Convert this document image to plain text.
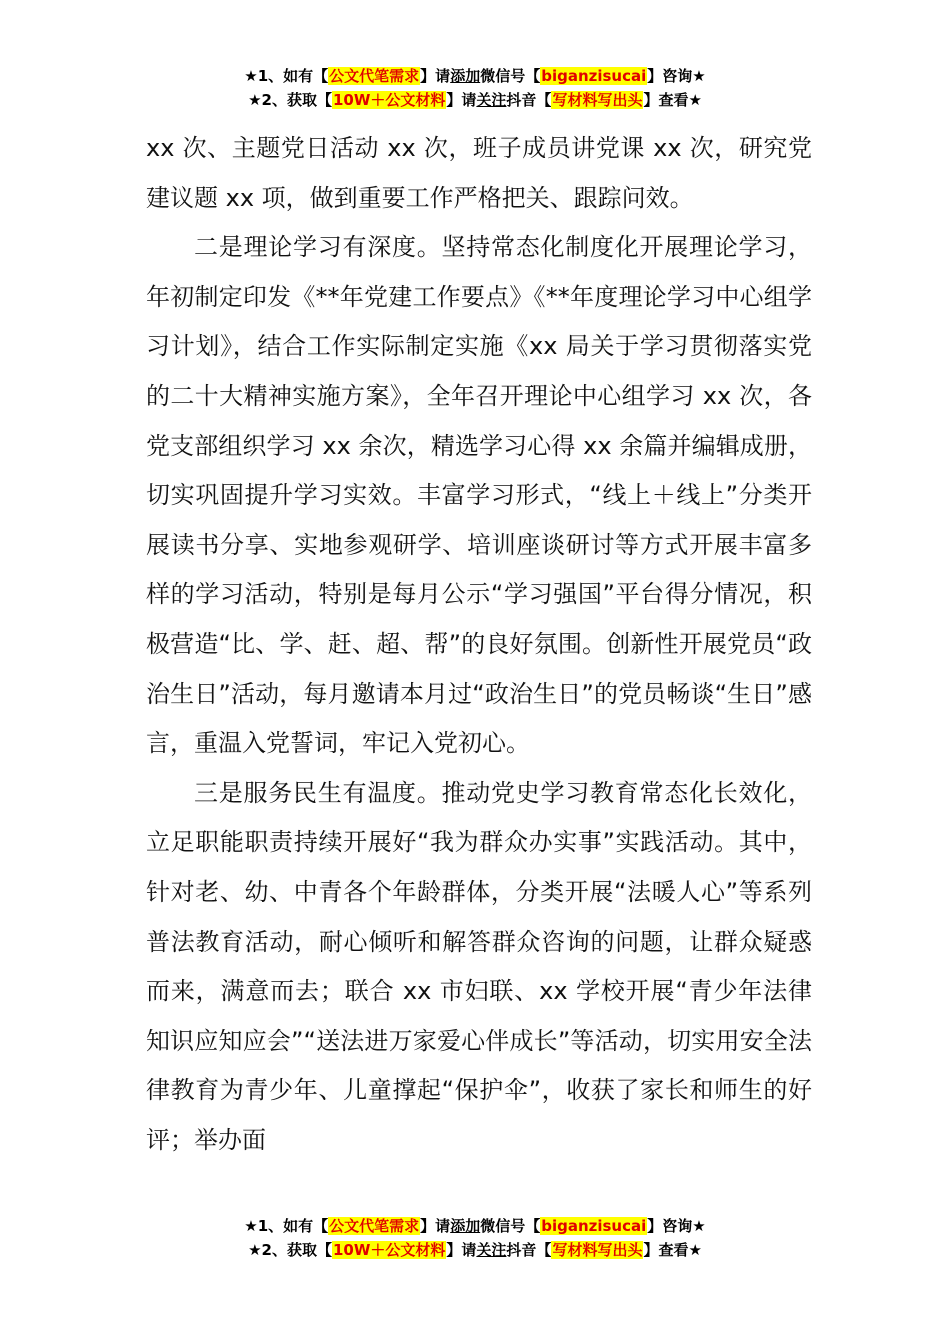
★1、如有【公文代笔需求】请添加微信号【biganzisucai】咨询★
★2、获取【10W＋公文材料】请关注抖音【写材料写出头】查看★

xx 次、主题党日活动 xx 次，班子成员讲党课 xx 次，研究党建议题 xx 项，做到重要工作严格把关、跟踪问效。

二是理论学习有深度。坚持常态化制度化开展理论学习，年初制定印发《**年党建工作要点》《**年度理论学习中心组学习计划》，结合工作实际制定实施《xx 局关于学习贯彻落实党的二十大精神实施方案》，全年召开理论中心组学习 xx 次，各党支部组织学习 xx 余次，精选学习心得 xx 余篇并编辑成册，切实巩固提升学习实效。丰富学习形式，“线上＋线上”分类开展读书分享、实地参观研学、培训座谈研讨等方式开展丰富多样的学习活动，特别是每月公示“学习强国”平台得分情况，积极营造“比、学、赶、超、帮”的良好氛围。创新性开展党员“政治生日”活动，每月邀请本月过“政治生日”的党员畅谈“生日”感言，重温入党誓词，牢记入党初心。

三是服务民生有温度。推动党史学习教育常态化长效化，立足职能职责持续开展好“我为群众办实事”实践活动。其中，针对老、幼、中青各个年龄群体，分类开展“法暖人心”等系列普法教育活动，耐心倾听和解答群众咨询的问题，让群众疑惑而来，满意而去；联合 xx 市妇联、xx 学校开展“青少年法律知识应知应会”“送法进万家爱心伴成长”等活动，切实用安全法律教育为青少年、儿童撑起“保护伞”，收获了家长和师生的好评；举办面

★1、如有【公文代笔需求】请添加微信号【biganzisucai】咨询★
★2、获取【10W＋公文材料】请关注抖音【写材料写出头】查看★
